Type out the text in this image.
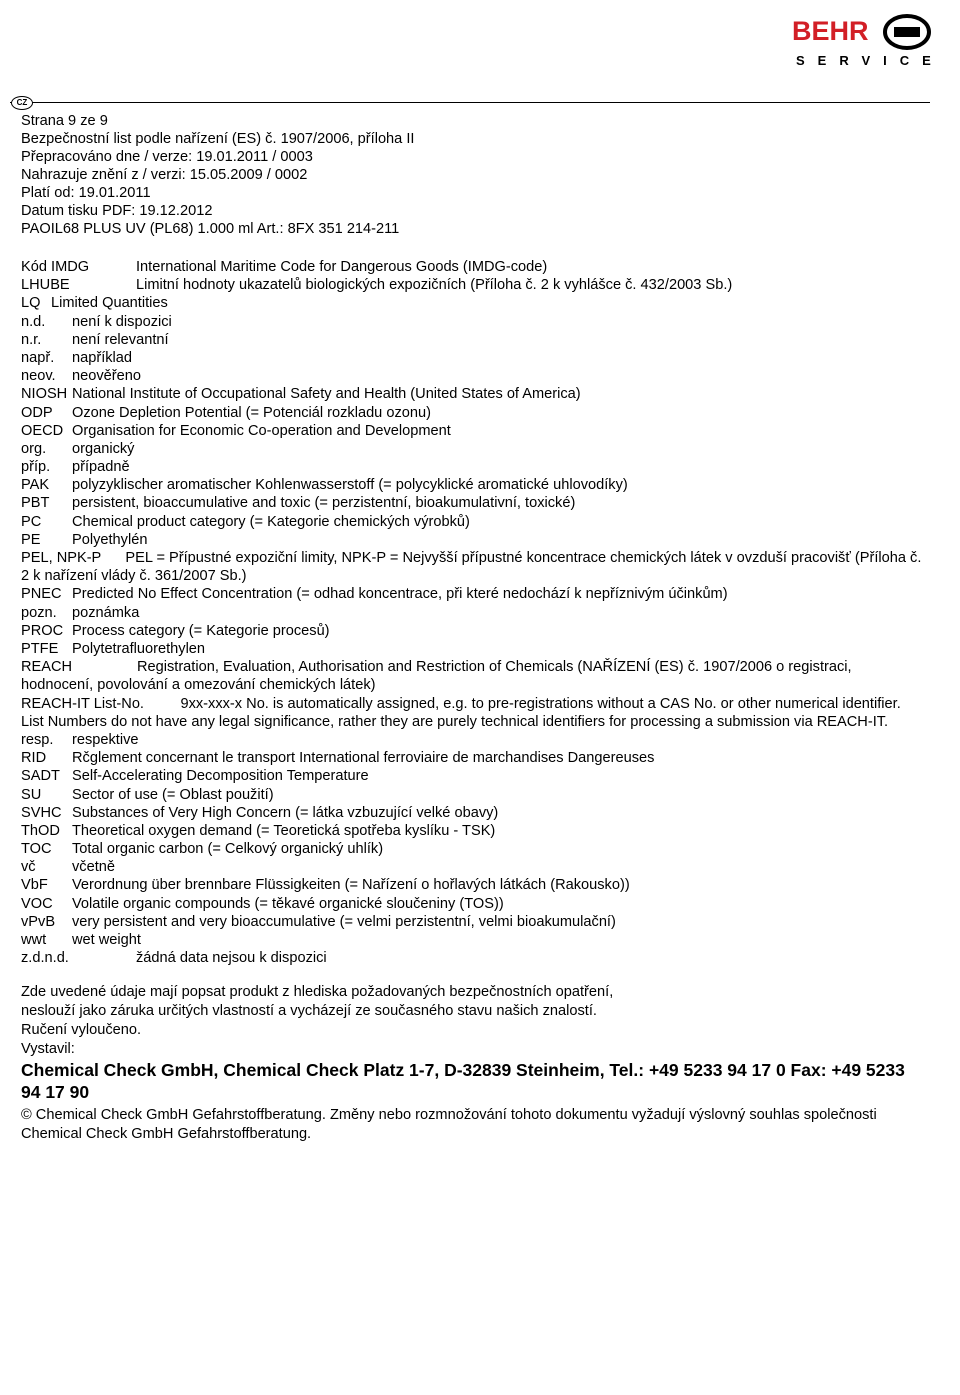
BEHR
SERVICE
CZ
Strana 9 ze 9
Bezpečnostní list podle nařízení (ES) č. 1907/2006, příloha II
Přepracováno dne / verze: 19.01.2011 / 0003
Nahrazuje znění z / verzi: 15.05.2009 / 0002
Platí od: 19.01.2011
Datum tisku PDF: 19.12.2012
PAOIL68 PLUS UV (PL68) 1.000 ml Art.: 8FX 351 214-211
Kód IMDG	International Maritime Code for Dangerous Goods (IMDG-code)
LHUBE	Limitní hodnoty ukazatelů biologických expozičních (Příloha č. 2 k vyhlášce č. 432/2003 Sb.)
LQ Limited Quantities
n.d. není k dispozici
n.r. není relevantní
např. například
neov. neověřeno
NIOSH National Institute of Occupational Safety and Health (United States of America)
ODP Ozone Depletion Potential (= Potenciál rozkladu ozonu)
OECD Organisation for Economic Co-operation and Development
org. organický
příp. případně
PAK polyzyklischer aromatischer Kohlenwasserstoff (= polycyklické aromatické uhlovodíky)
PBT persistent, bioaccumulative and toxic (= perzistentní, bioakumulativní, toxické)
PC Chemical product category (= Kategorie chemických výrobků)
PE Polyethylén
PEL, NPK-P      PEL = Přípustné expoziční limity, NPK-P = Nejvyšší přípustné koncentrace chemických látek v ovzduší pracovišť (Příloha č. 2 k nařízení vlády č. 361/2007 Sb.)
PNEC Predicted No Effect Concentration (= odhad koncentrace, při které nedochází k nepříznivým účinkům)
pozn. poznámka
PROC Process category (= Kategorie procesů)
PTFE Polytetrafluorethylen
REACH                Registration, Evaluation, Authorisation and Restriction of Chemicals (NAŘÍZENÍ (ES) č. 1907/2006 o registraci, hodnocení, povolování a omezování chemických látek)
REACH-IT List-No.         9xx-xxx-x No. is automatically assigned, e.g. to pre-registrations without a CAS No. or other numerical identifier. List Numbers do not have any legal significance, rather they are purely technical identifiers for processing a submission via REACH-IT.
resp. respektive
RID Rčglement concernant le transport International ferroviaire de marchandises Dangereuses
SADT Self-Accelerating Decomposition Temperature
SU Sector of use (= Oblast použití)
SVHC Substances of Very High Concern (= látka vzbuzující velké obavy)
ThOD Theoretical oxygen demand (= Teoretická spotřeba kyslíku - TSK)
TOC Total organic carbon (= Celkový organický uhlík)
vč včetně
VbF Verordnung über brennbare Flüssigkeiten (= Nařízení o hořlavých látkách (Rakousko))
VOC Volatile organic compounds (= těkavé organické sloučeniny (TOS))
vPvB very persistent and very bioaccumulative (= velmi perzistentní, velmi bioakumulační)
wwt wet weight
z.d.n.d.	žádná data nejsou k dispozici
Zde uvedené údaje mají popsat produkt z hlediska požadovaných bezpečnostních opatření,
neslouží jako záruka určitých vlastností a vycházejí ze současného stavu našich znalostí.
Ručení vyloučeno.
Vystavil:
Chemical Check GmbH, Chemical Check Platz 1-7, D-32839 Steinheim, Tel.: +49 5233 94 17 0 Fax: +49 5233 94 17 90
© Chemical Check GmbH Gefahrstoffberatung. Změny nebo rozmnožování tohoto dokumentu vyžadují výslovný souhlas společnosti Chemical Check GmbH Gefahrstoffberatung.
